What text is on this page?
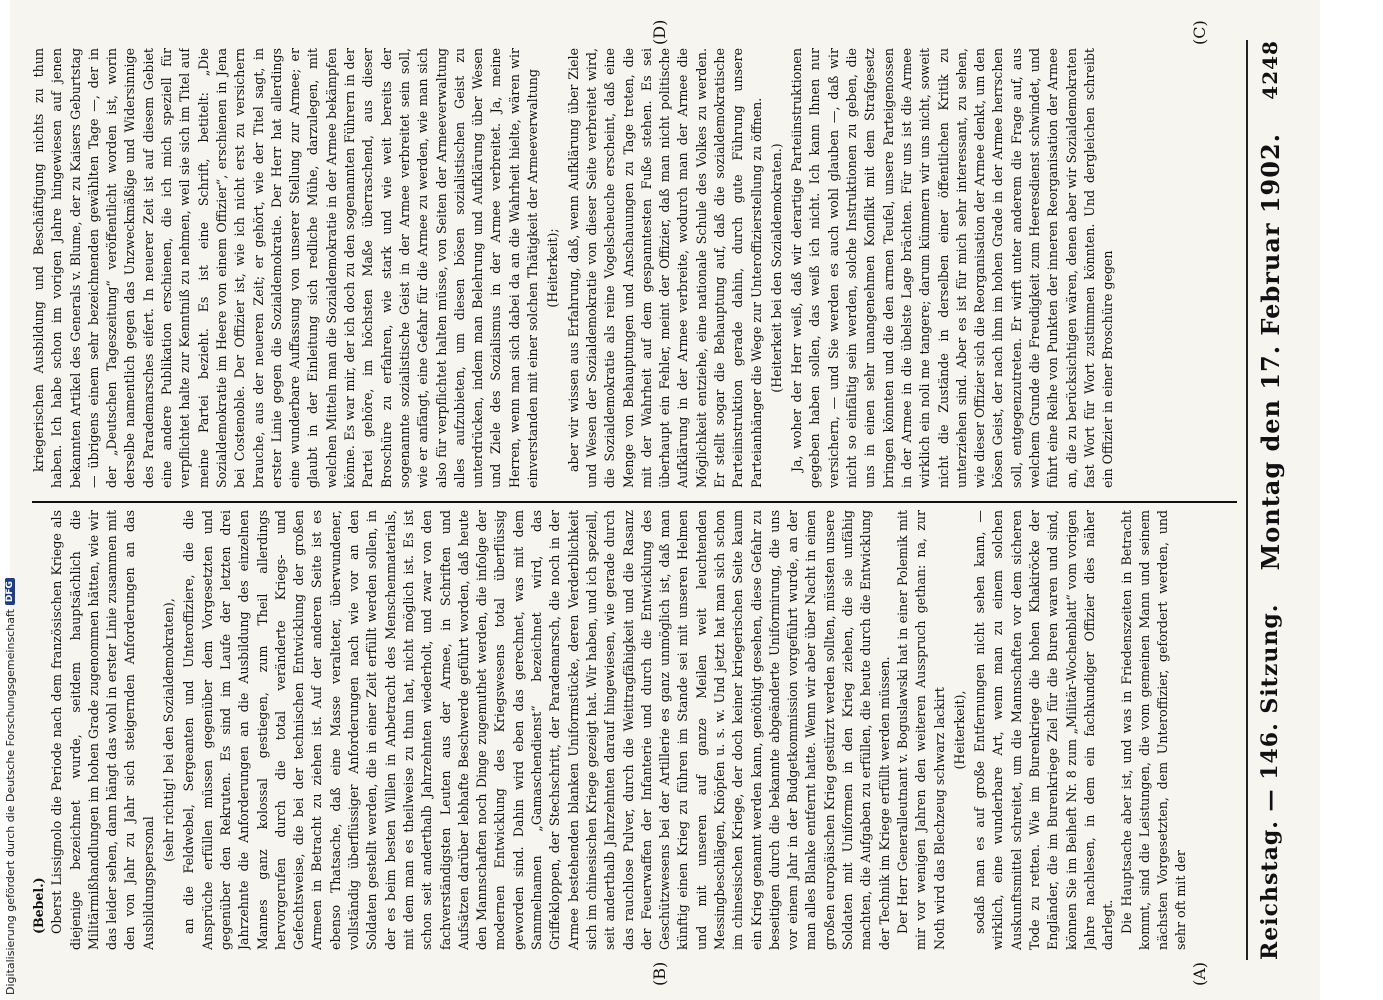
Reichstag. — 146. Sitzung.
Montag den 17. Februar 1902.
4248
(A)
(B)
(C)
(D)

(Bebel.) Oberst Lissignolo die Periode nach dem französischen Kriege als diejenige bezeichnet wurde, seitdem hauptsächlich die Militärmißhandlungen im hohen Grade zugenommen hätten, wie wir das leider sehen, dann hängt das wohl in erster Linie zusammen mit den von Jahr zu Jahr sich steigernden Anforderungen an das Ausbildungspersonal

(sehr richtig! bei den Sozialdemokraten), an die Feldwebel, Sergeanten und Unteroffiziere, die die Ansprüche erfüllen müssen gegenüber dem Vorgesetzten und gegenüber den Rekruten. Es sind im Laufe der letzten drei Jahrzehnte die Anforderungen an die Ausbildung des einzelnen Mannes ganz kolossal gestiegen, zum Theil allerdings hervorgerufen durch die total veränderte Kriegs- und Gefechtsweise, die bei der technischen Entwicklung der großen Armeen in Betracht zu ziehen ist. Auf der anderen Seite ist es ebenso Thatsache, daß eine Masse veralteter, überwundener, vollständig überflüssiger Anforderungen nach wie vor an den Soldaten gestellt werden, die in einer Zeit erfüllt werden sollen, in der es beim besten Willen in Anbetracht des Menschenmaterials, mit dem man es theilweise zu thun hat, nicht möglich ist. Es ist schon seit anderthalb Jahrzehnten wiederholt, und zwar von den fachverständigsten Leuten aus der Armee, in Schriften und Aufsätzen darüber lebhafte Beschwerde geführt worden, daß heute den Mannschaften noch Dinge zugemuthet werden, die infolge der modernen Entwicklung des Kriegswesens total überflüssig geworden sind. Dahin wird eben das gerechnet, was mit dem Sammelnamen „Gamaschendienst“ bezeichnet wird, das Griffekloppen, der Stechschritt, der Parademarsch, die noch in der Armee bestehenden blanken Uniformstücke, deren Verderblichkeit sich im chinesischen Kriege gezeigt hat. Wir haben, und ich speziell, seit anderthalb Jahrzehnten darauf hingewiesen, wie gerade durch das rauchlose Pulver, durch die Weittragfähigkeit und die Rasanz der Feuerwaffen der Infanterie und durch die Entwicklung des Geschützwesens bei der Artillerie es ganz unmöglich ist, daß man künftig einen Krieg zu führen im Stande sei mit unseren Helmen und mit unseren auf ganze Meilen weit leuchtenden Messingbeschlägen, Knöpfen u. s. w. Und jetzt hat man sich schon im chinesischen Kriege, der doch keiner kriegerischen Seite kaum ein Krieg genannt werden kann, genöthigt gesehen, diese Gefahr zu beseitigen durch die bekannte abgeänderte Uniformirung, die uns vor einem Jahr in der Budgetkommission vorgeführt wurde, an der man alles Blanke entfernt hatte. Wenn wir aber über Nacht in einen großen europäischen Krieg gestürzt werden sollten, müssten unsere Soldaten mit Uniformen in den Krieg ziehen, die sie unfähig machten, die Aufgaben zu erfüllen, die heute durch die Entwicklung der Technik im Kriege erfüllt werden müssen. Der Herr Generalleutnant v. Boguslawski hat in einer Polemik mit mir vor wenigen Jahren den weiteren Ausspruch gethan: na, zur Noth wird das Blechzeug schwarz lackirt (Heiterkeit), sodaß man es auf große Entfernungen nicht sehen kann, — wirklich, eine wunderbare Art, wenn man zu einem solchen Auskunftsmittel schreitet, um die Mannschaften vor dem sicheren Tode zu retten. Wie im Burenkriege die hohen Khakiröcke der Engländer, die im Burenkriege Ziel für die Buren waren und sind, können Sie im Beiheft Nr. 8 zum „Militär-Wochenblatt“ vom vorigen Jahre nachlesen, in dem ein fachkundiger Offizier dies näher darlegt. Die Hauptsache aber ist, und was in Friedenszeiten in Betracht kommt, sind die Leistungen, die vom gemeinen Mann und seinem nächsten Vorgesetzten, dem Unteroffizier, gefordert werden, und sehr oft mit der

kriegerischen Ausbildung und Beschäftigung nichts zu thun haben. Ich habe schon im vorigen Jahre hingewiesen auf jenen bekannten Artikel des Generals v. Blume, der zu Kaisers Geburtstag — übrigens einem sehr bezeichnenden gewählten Tage —, der in der „Deutschen Tageszeitung“ veröffentlicht worden ist, worin derselbe namentlich gegen das Unzweckmäßige und Widersinnige des Parademarsches eifert. In neuerer Zeit ist auf diesem Gebiet eine andere Publikation erschienen, die ich mich speziell für verpflichtet halte zur Kenntniß zu nehmen, weil sie sich im Titel auf meine Partei bezieht. Es ist eine Schrift, betitelt: „Die Sozialdemokratie im Heere von einem Offizier“, erschienen in Jena bei Costenoble. Der Offizier ist, wie ich nicht erst zu versichern brauche, aus der neueren Zeit; er gehört, wie der Titel sagt, in erster Linie gegen die Sozialdemokratie. Der Herr hat allerdings eine wunderbare Auffassung von unserer Stellung zur Armee; er glaubt in der Einleitung sich redliche Mühe, darzulegen, mit welchen Mitteln man die Sozialdemokratie in der Armee bekämpfen könne. Es war mir, der ich doch zu den sogenannten Führern in der Partei gehöre, im höchsten Maße überraschend, aus dieser Broschüre zu erfahren, wie stark und wie weit bereits der sogenannte sozialistische Geist in der Armee verbreitet sein soll, wie er anfängt, eine Gefahr für die Armee zu werden, wie man sich also für verpflichtet halten müsse, von Seiten der Armeeverwaltung alles aufzubieten, um diesen bösen sozialistischen Geist zu unterdrücken, indem man Belehrung und Aufklärung über Wesen und Ziele des Sozialismus in der Armee verbreitet. Ja, meine Herren, wenn man sich dabei da an die Wahrheit hielte, wären wir einverstanden mit einer solchen Thätigkeit der Armeeverwaltung (Heiterkeit); aber wir wissen aus Erfahrung, daß, wenn Aufklärung über Ziele und Wesen der Sozialdemokratie von dieser Seite verbreitet wird, die Sozialdemokratie als reine Vogelscheuche erscheint, daß eine Menge von Behauptungen und Anschauungen zu Tage treten, die mit der Wahrheit auf dem gespanntesten Fuße stehen. Es sei überhaupt ein Fehler, meint der Offizier, daß man nicht politische Aufklärung in der Armee verbreite, wodurch man der Armee die Möglichkeit entziehe, eine nationale Schule des Volkes zu werden. Er stellt sogar die Behauptung auf, daß die sozialdemokratische Parteiinstruktion gerade dahin, durch gute Führung unsere Parteianhänger die Wege zur Unteroffizierstellung zu öffnen. (Heiterkeit bei den Sozialdemokraten.) Ja, woher der Herr weiß, daß wir derartige Parteiinstruktionen gegeben haben sollen, das weiß ich nicht. Ich kann Ihnen nur versichern, — und Sie werden es auch wohl glauben —, daß wir nicht so einfältig sein werden, solche Instruktionen zu geben, die uns in einen sehr unangenehmen Konflikt mit dem Strafgesetz bringen könnten und die den armen Teufel, unsere Parteigenossen in der Armee in die übelste Lage brächten. Für uns ist die Armee wirklich ein noli me tangere; darum kümmern wir uns nicht, soweit nicht die Zustände in derselben einer öffentlichen Kritik zu unterziehen sind. Aber es ist für mich sehr interessant, zu sehen, wie dieser Offizier sich die Reorganisation der Armee denkt, um den bösen Geist, der nach ihm im hohen Grade in der Armee herrschen soll, entgegenzutreten. Er wirft unter anderem die Frage auf, aus welchem Grunde die Freudigkeit zum Heeresdienst schwindet, und führt eine Reihe von Punkten der inneren Reorganisation der Armee an, die zu berücksichtigen wären, denen aber wir Sozialdemokraten fast Wort für Wort zustimmen könnten. Und dergleichen schreibt ein Offizier in einer Broschüre gegen

Digitalisierung gefördert durch die Deutsche Forschungsgemeinschaft
DFG
